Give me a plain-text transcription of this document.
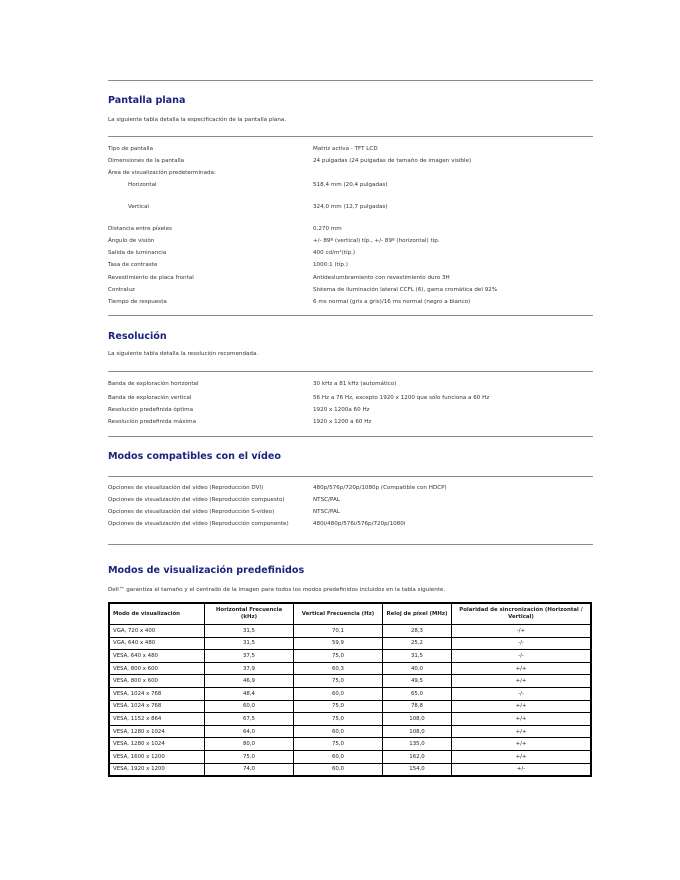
Pantalla plana
La siguiente tabla detalla la especificación de la pantalla plana.
Tipo de pantalla	Matriz activa - TFT LCD
Dimensiones de la pantalla	24 pulgadas (24 pulgadas de tamaño de imagen visible)
Área de visualización predeterminada:
Horizontal	518,4 mm (20,4 pulgadas)
Vertical	324,0 mm (12,7 pulgadas)
Distancia entre píxeles	0,270 mm
Ángulo de visión	+/- 89º (vertical) típ., +/- 89º (horizontal) típ.
Salida de luminancia	400 cd/m²(típ.)
Tasa de contraste	1000:1 (típ.)
Revestimiento de placa frontal	Antideslumbramiento con revestimiento duro 3H
Contraluz	Sistema de iluminación lateral CCFL (6), gama cromática del 92%
Tiempo de respuesta	6 ms normal (gris a gris)/16 ms normal (negro a blanco)
Resolución
La siguiente tabla detalla la resolución recomendada.
Banda de exploración horizontal	30 kHz a 81 kHz (automático)
Banda de exploración vertical	56 Hz a 76 Hz, excepto 1920 x 1200 que sólo funciona a 60 Hz
Resolución predefinida óptima	1920 x 1200a 60 Hz
Resolución predefinida máxima	1920 x 1200 a 60 Hz
Modos compatibles con el vídeo
Opciones de visualización del vídeo (Reproducción DVI)	480p/576p/720p/1080p (Compatible con HDCP)
Opciones de visualización del vídeo (Reproducción compuesto)	NTSC/PAL
Opciones de visualización del vídeo (Reproducción S-vídeo)	NTSC/PAL
Opciones de visualización del vídeo (Reproducción componente)	480i/480p/576i/576p/720p/1080i
Modos de visualización predefinidos
Dell™ garantiza el tamaño y el centrado de la imagen para todos los modos predefinidos incluidos en la tabla siguiente.
Modo de visualización	Horizontal Frecuencia (kHz)	Vertical Frecuencia (Hz)	Reloj de píxel (MHz)	Polaridad de sincronización (Horizontal / Vertical)
VGA, 720 x 400	31,5	70,1	28,3	-/+
VGA, 640 x 480	31,5	59,9	25,2	-/-
VESA, 640 x 480	37,5	75,0	31,5	-/-
VESA, 800 x 600	37,9	60,3	40,0	+/+
VESA, 800 x 600	46,9	75,0	49,5	+/+
VESA, 1024 x 768	48,4	60,0	65,0	-/-
VESA, 1024 x 768	60,0	75,0	78,8	+/+
VESA, 1152 x 864	67,5	75,0	108,0	+/+
VESA, 1280 x 1024	64,0	60,0	108,0	+/+
VESA, 1280 x 1024	80,0	75,0	135,0	+/+
VESA, 1600 x 1200	75,0	60,0	162,0	+/+
VESA, 1920 x 1200	74,0	60,0	154,0	+/-
